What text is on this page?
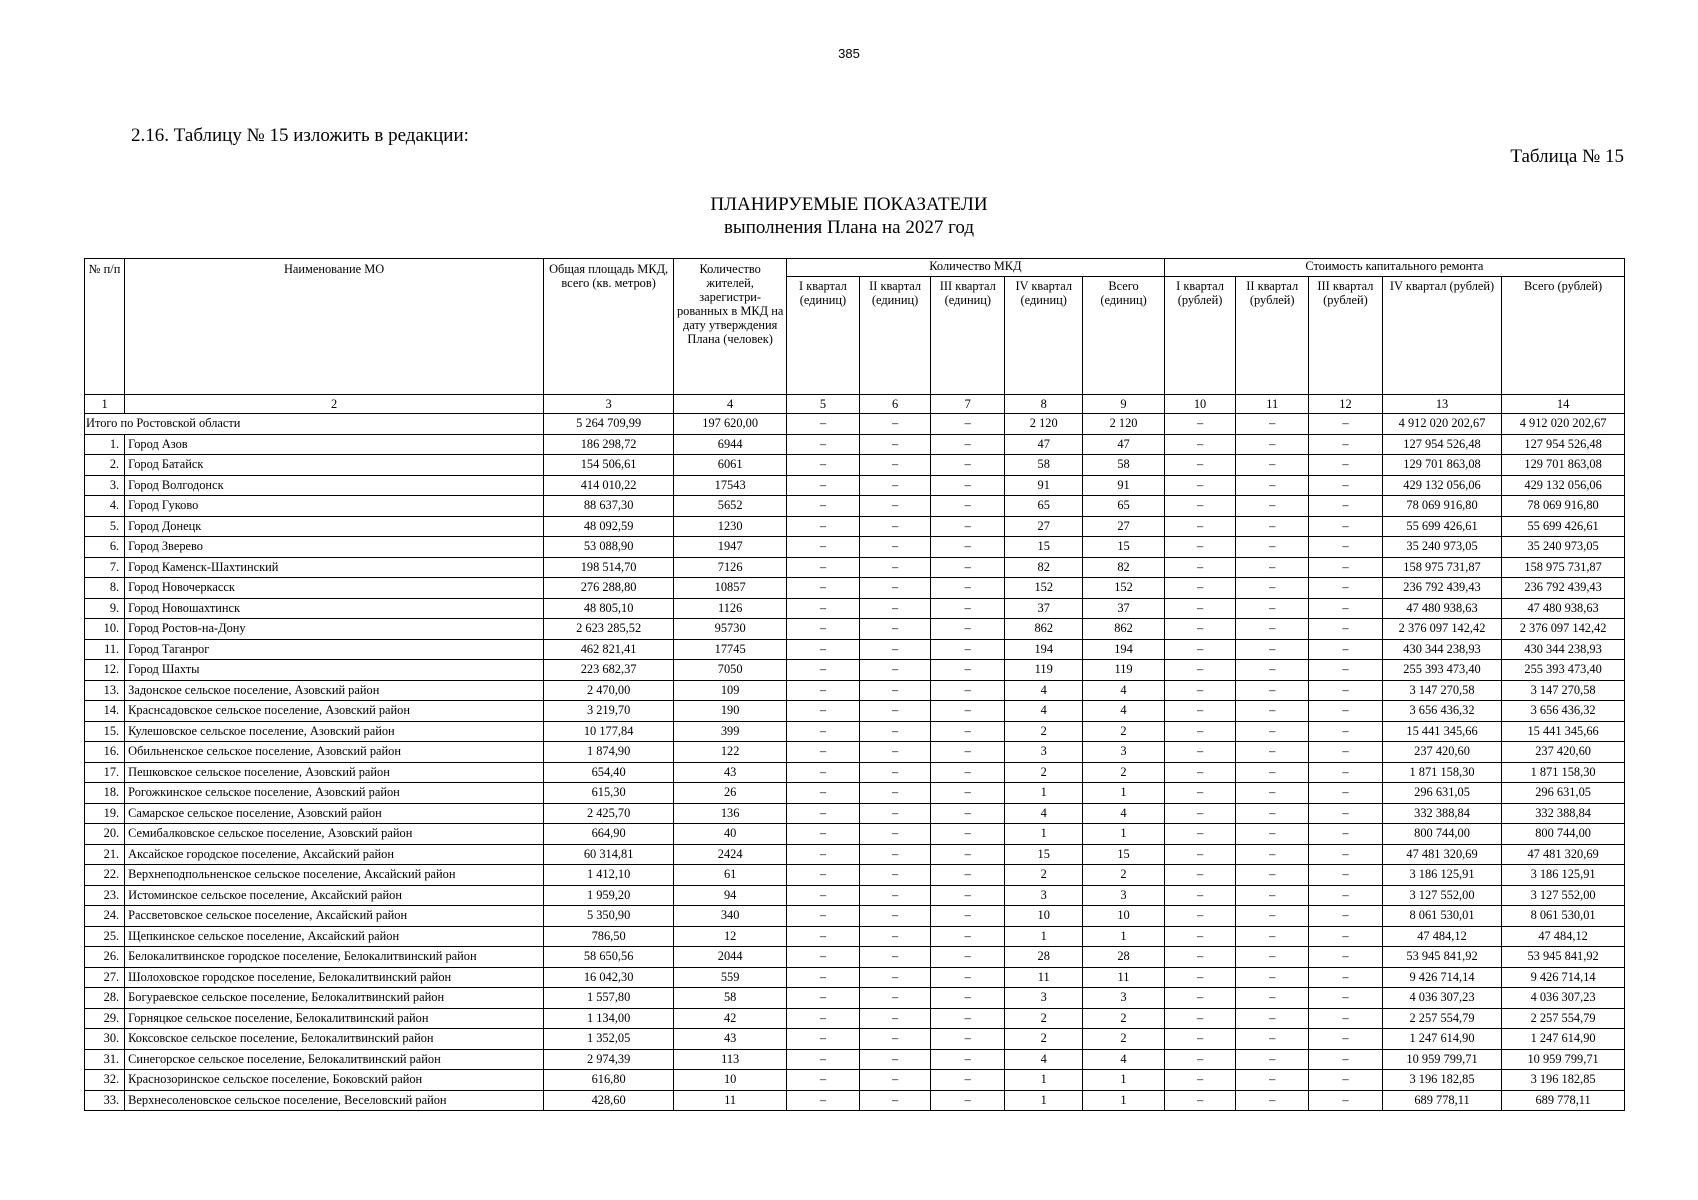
385
2.16. Таблицу № 15 изложить в редакции:
Таблица № 15
ПЛАНИРУЕМЫЕ ПОКАЗАТЕЛИ
выполнения Плана на 2027 год
№ п/п	Наименование МО	Общая площадь МКД, всего (кв. метров)	Количество жителей, зарегистри-рованных в МКД на дату утверждения Плана (человек)	Количество МКД					Стоимость капитального ремонта				
				I квартал (единиц)	II квартал (единиц)	III квартал (единиц)	IV квартал (единиц)	Всего (единиц)	I квартал (рублей)	II квартал (рублей)	III квартал (рублей)	IV квартал (рублей)	Всего (рублей)
1	2	3	4	5	6	7	8	9	10	11	12	13	14
Итого по Ростовской области		5 264 709,99	197 620,00	–	–	–	2 120	2 120	–	–	–	4 912 020 202,67	4 912 020 202,67
1.	Город Азов	186 298,72	6944	–	–	–	47	47	–	–	–	127 954 526,48	127 954 526,48
2.	Город Батайск	154 506,61	6061	–	–	–	58	58	–	–	–	129 701 863,08	129 701 863,08
3.	Город Волгодонск	414 010,22	17543	–	–	–	91	91	–	–	–	429 132 056,06	429 132 056,06
4.	Город Гуково	88 637,30	5652	–	–	–	65	65	–	–	–	78 069 916,80	78 069 916,80
5.	Город Донецк	48 092,59	1230	–	–	–	27	27	–	–	–	55 699 426,61	55 699 426,61
6.	Город Зверево	53 088,90	1947	–	–	–	15	15	–	–	–	35 240 973,05	35 240 973,05
7.	Город Каменск-Шахтинский	198 514,70	7126	–	–	–	82	82	–	–	–	158 975 731,87	158 975 731,87
8.	Город Новочеркасск	276 288,80	10857	–	–	–	152	152	–	–	–	236 792 439,43	236 792 439,43
9.	Город Новошахтинск	48 805,10	1126	–	–	–	37	37	–	–	–	47 480 938,63	47 480 938,63
10.	Город Ростов-на-Дону	2 623 285,52	95730	–	–	–	862	862	–	–	–	2 376 097 142,42	2 376 097 142,42
11.	Город Таганрог	462 821,41	17745	–	–	–	194	194	–	–	–	430 344 238,93	430 344 238,93
12.	Город Шахты	223 682,37	7050	–	–	–	119	119	–	–	–	255 393 473,40	255 393 473,40
13.	Задонское сельское поселение, Азовский район	2 470,00	109	–	–	–	4	4	–	–	–	3 147 270,58	3 147 270,58
14.	Краснсадовское сельское поселение, Азовский район	3 219,70	190	–	–	–	4	4	–	–	–	3 656 436,32	3 656 436,32
15.	Кулешовское сельское поселение, Азовский район	10 177,84	399	–	–	–	2	2	–	–	–	15 441 345,66	15 441 345,66
16.	Обильненское сельское поселение, Азовский район	1 874,90	122	–	–	–	3	3	–	–	–	237 420,60	237 420,60
17.	Пешковское сельское поселение, Азовский район	654,40	43	–	–	–	2	2	–	–	–	1 871 158,30	1 871 158,30
18.	Рогожкинское сельское поселение, Азовский район	615,30	26	–	–	–	1	1	–	–	–	296 631,05	296 631,05
19.	Самарское сельское поселение, Азовский район	2 425,70	136	–	–	–	4	4	–	–	–	332 388,84	332 388,84
20.	Семибалковское сельское поселение, Азовский район	664,90	40	–	–	–	1	1	–	–	–	800 744,00	800 744,00
21.	Аксайское городское поселение, Аксайский район	60 314,81	2424	–	–	–	15	15	–	–	–	47 481 320,69	47 481 320,69
22.	Верхнеподпольненское сельское поселение, Аксайский район	1 412,10	61	–	–	–	2	2	–	–	–	3 186 125,91	3 186 125,91
23.	Истоминское сельское поселение, Аксайский район	1 959,20	94	–	–	–	3	3	–	–	–	3 127 552,00	3 127 552,00
24.	Рассветовское сельское поселение, Аксайский район	5 350,90	340	–	–	–	10	10	–	–	–	8 061 530,01	8 061 530,01
25.	Щепкинское сельское поселение, Аксайский район	786,50	12	–	–	–	1	1	–	–	–	47 484,12	47 484,12
26.	Белокалитвинское городское поселение, Белокалитвинский район	58 650,56	2044	–	–	–	28	28	–	–	–	53 945 841,92	53 945 841,92
27.	Шолоховское городское поселение, Белокалитвинский район	16 042,30	559	–	–	–	11	11	–	–	–	9 426 714,14	9 426 714,14
28.	Богураевское сельское поселение, Белокалитвинский район	1 557,80	58	–	–	–	3	3	–	–	–	4 036 307,23	4 036 307,23
29.	Горняцкое сельское поселение, Белокалитвинский район	1 134,00	42	–	–	–	2	2	–	–	–	2 257 554,79	2 257 554,79
30.	Коксовское сельское поселение, Белокалитвинский район	1 352,05	43	–	–	–	2	2	–	–	–	1 247 614,90	1 247 614,90
31.	Синегорское сельское поселение, Белокалитвинский район	2 974,39	113	–	–	–	4	4	–	–	–	10 959 799,71	10 959 799,71
32.	Краснозоринское сельское поселение, Боковский район	616,80	10	–	–	–	1	1	–	–	–	3 196 182,85	3 196 182,85
33.	Верхнесоленовское сельское поселение, Веселовский район	428,60	11	–	–	–	1	1	–	–	–	689 778,11	689 778,11
